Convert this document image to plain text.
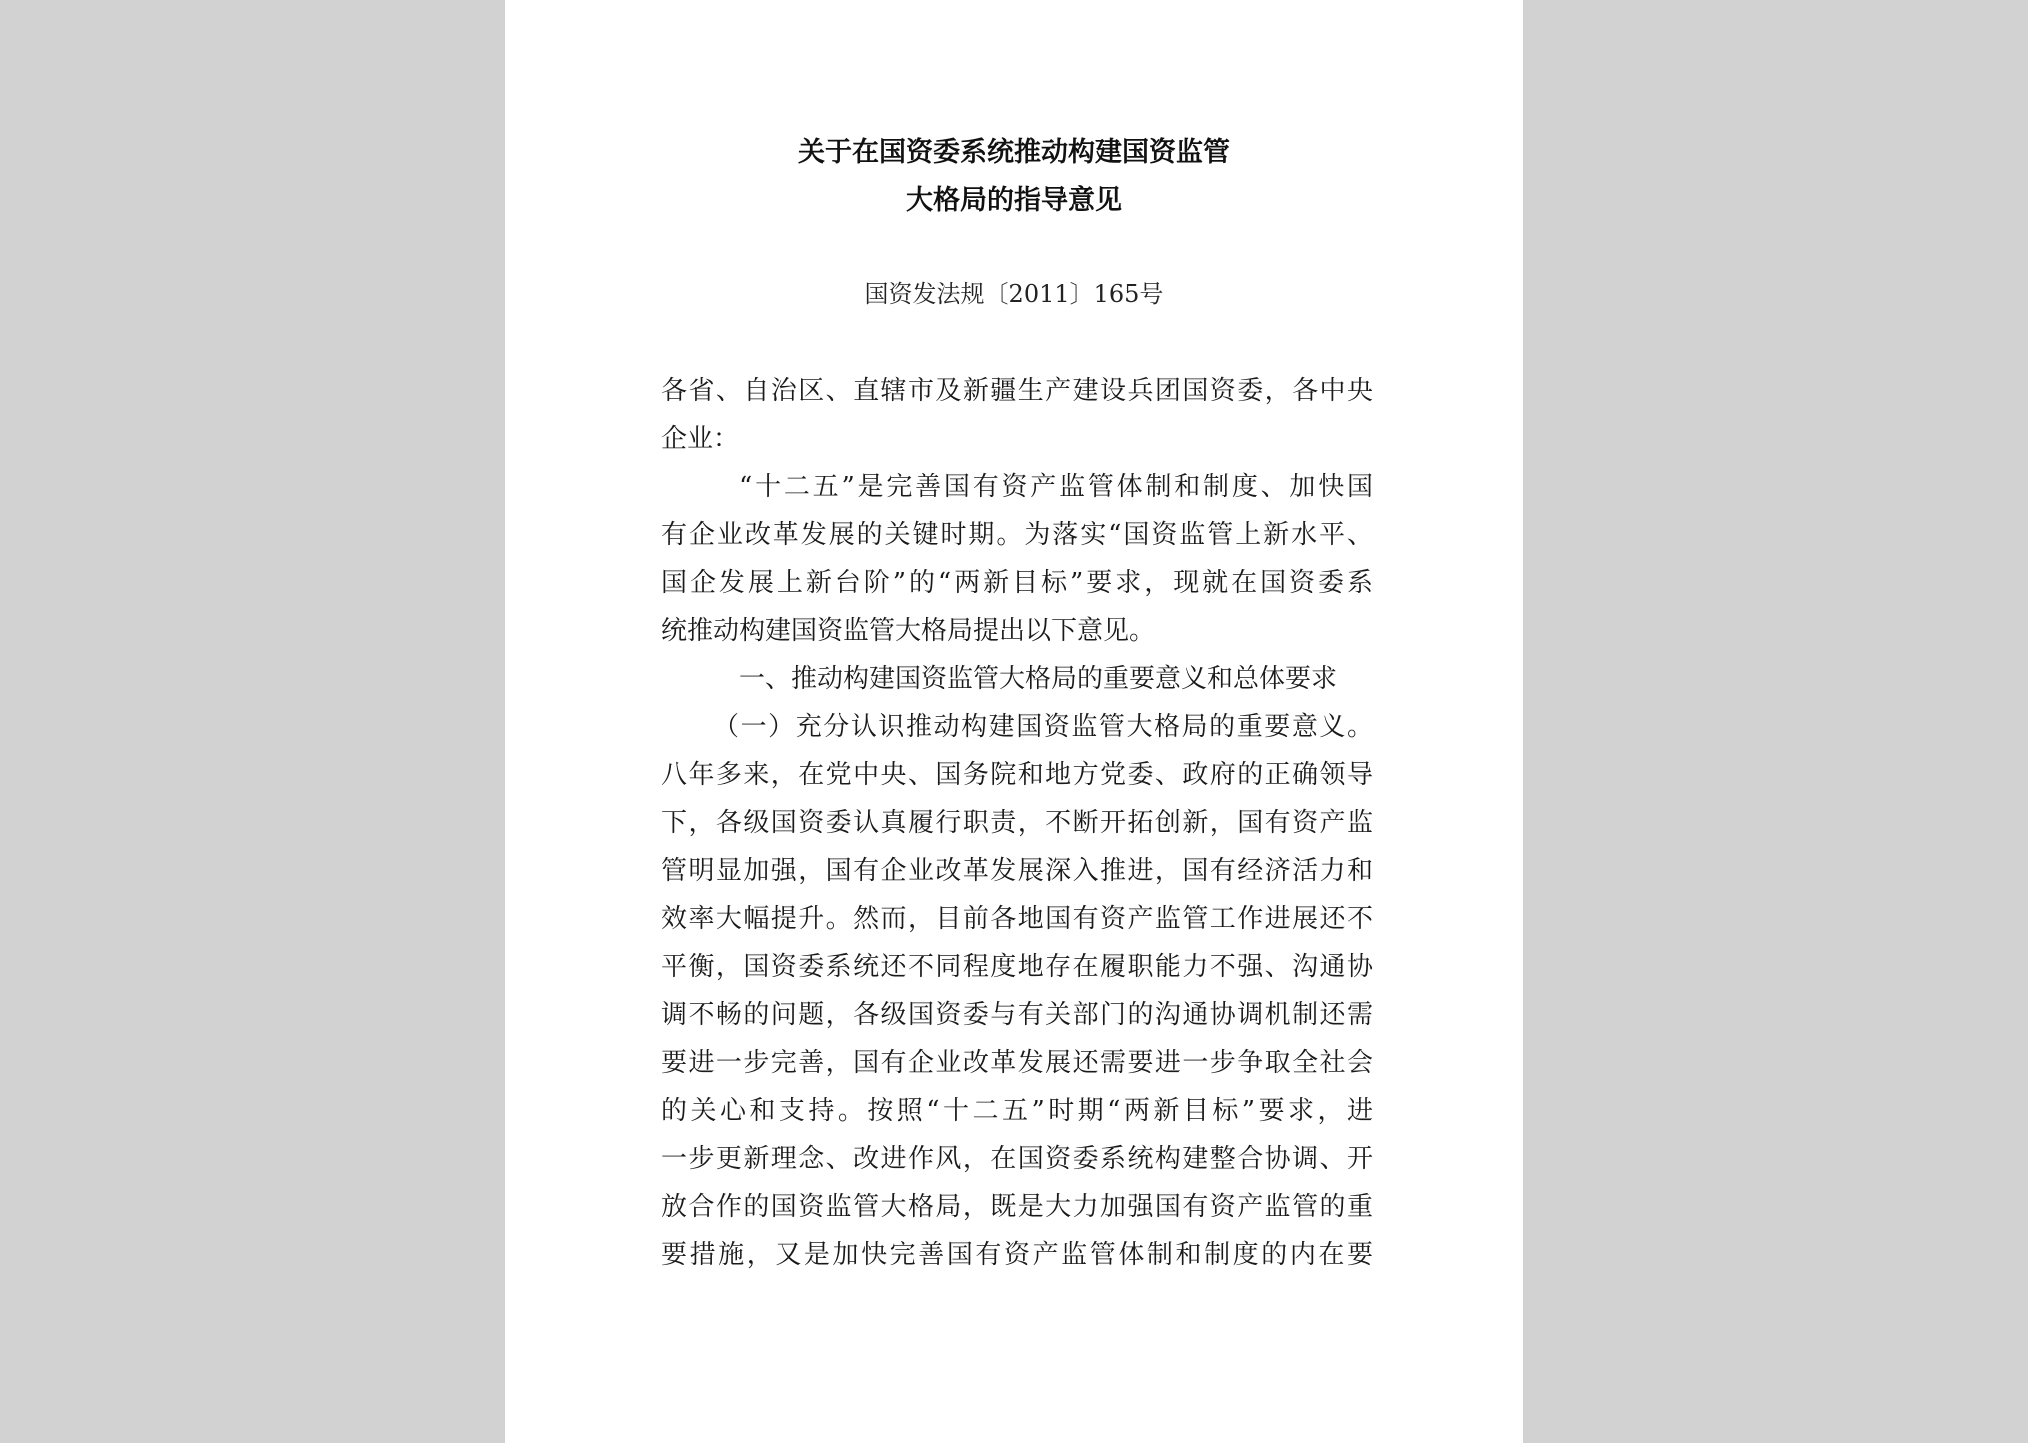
关于在国资委系统推动构建国资监管
大格局的指导意见
国资发法规〔2011〕165号
各省、自治区、直辖市及新疆生产建设兵团国资委，各中央
企业：
“十二五”是完善国有资产监管体制和制度、加快国
有企业改革发展的关键时期。为落实“国资监管上新水平、
国企发展上新台阶”的“两新目标”要求，现就在国资委系
统推动构建国资监管大格局提出以下意见。
一、推动构建国资监管大格局的重要意义和总体要求
（一）充分认识推动构建国资监管大格局的重要意义。
八年多来，在党中央、国务院和地方党委、政府的正确领导
下，各级国资委认真履行职责，不断开拓创新，国有资产监
管明显加强，国有企业改革发展深入推进，国有经济活力和
效率大幅提升。然而，目前各地国有资产监管工作进展还不
平衡，国资委系统还不同程度地存在履职能力不强、沟通协
调不畅的问题，各级国资委与有关部门的沟通协调机制还需
要进一步完善，国有企业改革发展还需要进一步争取全社会
的关心和支持。按照“十二五”时期“两新目标”要求，进
一步更新理念、改进作风，在国资委系统构建整合协调、开
放合作的国资监管大格局，既是大力加强国有资产监管的重
要措施，又是加快完善国有资产监管体制和制度的内在要
